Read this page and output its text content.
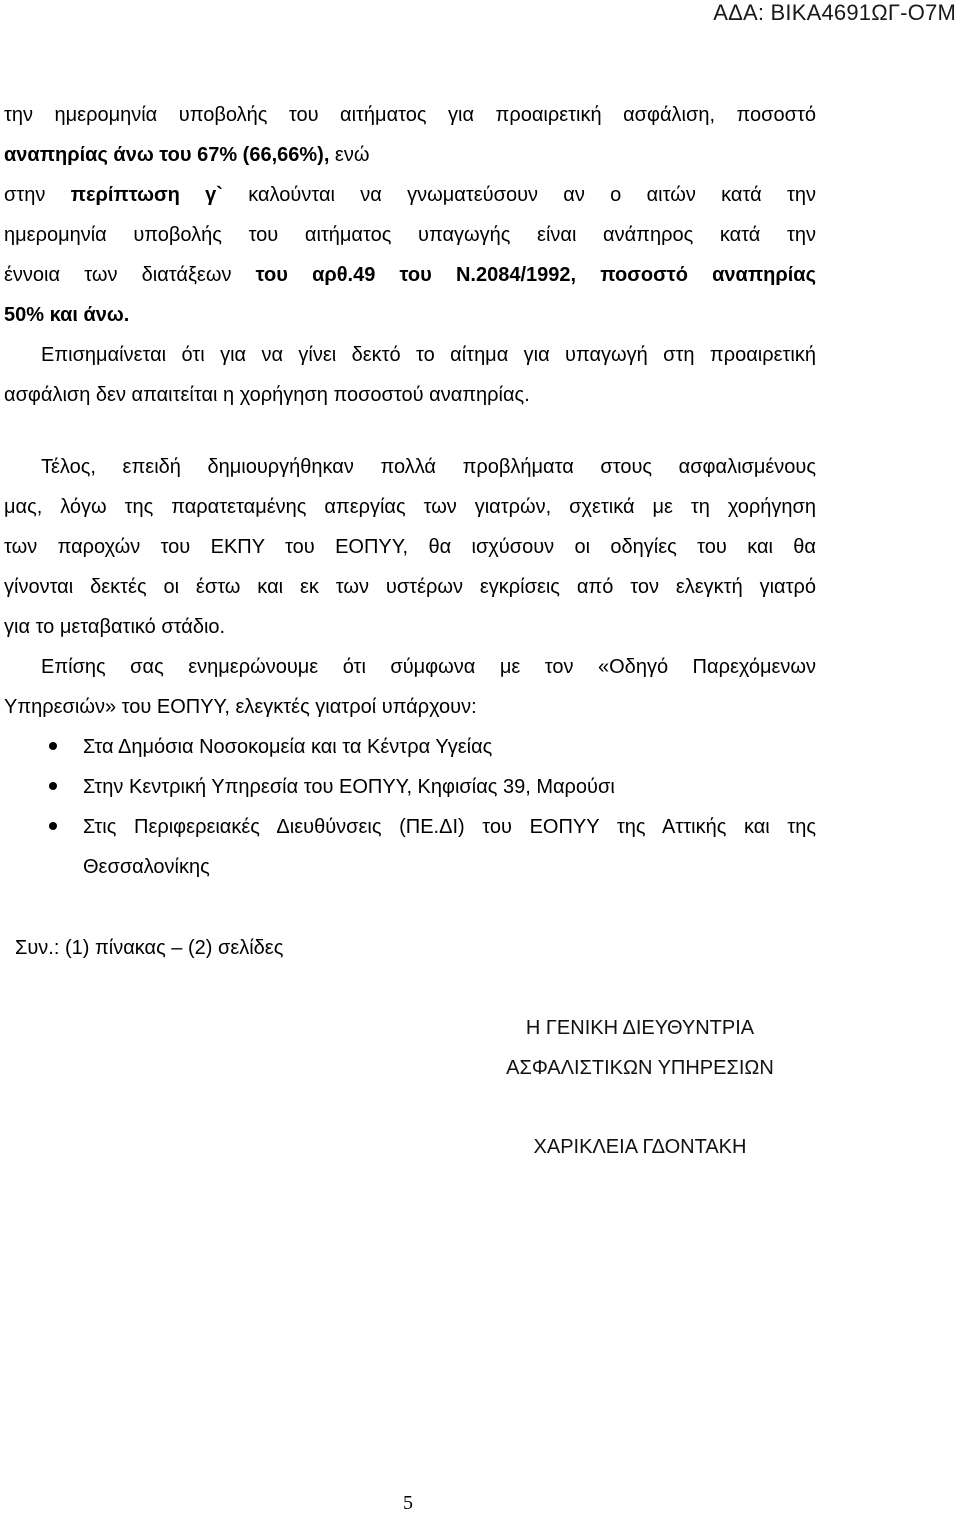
ΑΔΑ: ΒΙΚΑ4691ΩΓ-Ο7Μ

την ημερομηνία υποβολής του αιτήματος για προαιρετική ασφάλιση, ποσοστό
αναπηρίας άνω του 67% (66,66%), ενώ
στην περίπτωση γ` καλούνται να γνωματεύσουν αν ο αιτών κατά την
ημερομηνία υποβολής του αιτήματος υπαγωγής είναι ανάπηρος κατά την
έννοια των διατάξεων του αρθ.49 του Ν.2084/1992, ποσοστό αναπηρίας
50% και άνω.

Επισημαίνεται ότι για να γίνει δεκτό το αίτημα για υπαγωγή στη προαιρετική
ασφάλιση δεν απαιτείται η χορήγηση ποσοστού αναπηρίας.

Τέλος, επειδή δημιουργήθηκαν πολλά προβλήματα στους ασφαλισμένους
μας, λόγω της παρατεταμένης απεργίας των γιατρών, σχετικά με τη χορήγηση
των παροχών του ΕΚΠΥ του ΕΟΠΥΥ, θα ισχύσουν οι οδηγίες του και θα
γίνονται δεκτές οι έστω και εκ των υστέρων εγκρίσεις από τον ελεγκτή γιατρό
για το μεταβατικό στάδιο.

Επίσης σας ενημερώνουμε ότι σύμφωνα με τον «Οδηγό Παρεχόμενων
Υπηρεσιών» του ΕΟΠΥΥ, ελεγκτές γιατροί υπάρχουν:

Στα Δημόσια Νοσοκομεία και τα Κέντρα Υγείας
Στην Κεντρική Υπηρεσία του ΕΟΠΥΥ, Κηφισίας 39, Μαρούσι
Στις Περιφερειακές Διευθύνσεις (ΠΕ.ΔΙ) του ΕΟΠΥΥ της Αττικής και της
Θεσσαλονίκης
Συν.: (1) πίνακας – (2) σελίδες
Η ΓΕΝΙΚΗ ΔΙΕΥΘΥΝΤΡΙΑ
ΑΣΦΑΛΙΣΤΙΚΩΝ ΥΠΗΡΕΣΙΩΝ
ΧΑΡΙΚΛΕΙΑ ΓΔΟΝΤΑΚΗ
5
